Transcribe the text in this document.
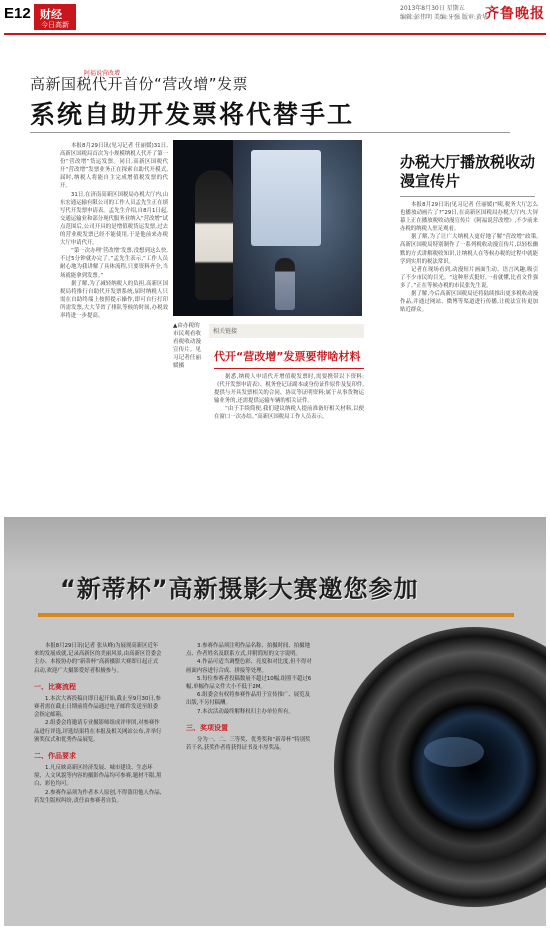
E12 财经
今日高新
2013年8月30日 星期五
编辑:彭伟明 美编:牙强 版审:黄华
齐鲁晚报
高新国税代开首份“营改增”发票
系统自助开发票将代替手工

本报8月29日讯(见习记者 任丽媛)31日,高新区国税局首次为小规模纳税人代开了第一份“营改增”货运发票。同日,高新区国税代开“营改增”发票业务正在探索自助代开模式,届时,纳税人将能自主完成增值税发票的代开。

31日,在济南高新区国税局办税大厅内,山东宏通运输有限公司的工作人员孟先生正在填写代开发票申请表。孟先生介绍,自8月1日起,交通运输业和部分现代服务业纳入“营改增”试点范围后,公司开具的是增值税货运发票,过去的营业税发票已经不能使用,于是他前来办税大厅申请代开。

“第一次办理‘营改增’发票,没想到这么快,不过5分钟就办完了。”孟先生表示,“工作人员耐心地为我讲解了具体流程,只要资料齐全,当场就能拿到发票。”

据了解,为了减轻纳税人的负担,高新区国税局将推行自助代开发票系统,届时纳税人只需在自助终端上按照提示操作,即可自行打印所需发票,大大节省了排队等候的时间,办税效率将进一步提高。

阿福说营改增
▲由办税的市民观看收看税收动漫宣传片。见习记者任丽媛摄
相关链接
代开“营改增”发票要带啥材料

据悉,纳税人申请代开增值税发票时,需要携带以下资料:《代开发票申请表》、税务登记证副本或身份证件原件及复印件,提供与开具发票相关的合同、协议等证明资料;属于从事货物运输业务的,还需提供运输车辆的相关证件。

“由于手续简便,我们建议纳税人提前准备好相关材料,以便在窗口一次办结。”高新区国税局工作人员表示。

办税大厅播放税收动漫宣传片

本报8月29日讯(见习记者 任丽媛)“咦,税务大厅怎么也播放动画片了?”29日,在高新区国税局办税大厅内,大屏幕上正在播放税收动漫宣传片《阿福说营改增》,不少前来办税的纳税人驻足观看。

据了解,为了让广大纳税人更好地了解“营改增”政策,高新区国税局特别制作了一系列税收动漫宣传片,以轻松幽默的方式讲解税收知识,让纳税人在等候办税的过程中就能学到实用的税法常识。

记者在现场看到,动漫短片画面生动、语言风趣,吸引了不少市民的目光。“这种形式挺好,一看就懂,比看文件强多了。”正在等候办税的市民张先生说。

据了解,今后高新区国税局还将陆续推出更多税收动漫作品,并通过网站、微博等渠道进行传播,让税法宣传更加贴近群众。

“新蒂杯”高新摄影大赛邀您参加

本报8月29日讯(记者 张从峰)为展现高新区近年来的发展成就,记录高新区的美丽风景,由高新区管委会主办、本报协办的“新蒂杯”高新摄影大赛即日起正式启动,欢迎广大摄影爱好者积极参与。

一、比赛流程

1.本次大赛投稿自即日起开始,截止至9月30日,参赛者需在截止日期前将作品通过电子邮件发送至组委会指定邮箱。

2.组委会将邀请专业摄影师组成评审团,对参赛作品进行评选,评选结果将在本报及相关网站公布,并举行颁奖仪式和优秀作品展览。

二、作品要求

1.凡反映高新区经济发展、城市建设、生态环境、人文风貌等内容的摄影作品均可参赛,题材不限,黑白、彩色均可。

2.参赛作品须为作者本人原创,不得盗用他人作品,若发生版权纠纷,责任由参赛者自负。

3.参赛作品须注明作品名称、拍摄时间、拍摄地点、作者姓名及联系方式,并附简短的文字说明。

4.作品可适当调整色彩、亮度和对比度,但不得对画面内容进行合成、拼接等处理。

5.每位参赛者投稿数量不超过10幅,组照不超过6幅,单幅作品文件大小不低于2M。

6.组委会有权将参赛作品用于宣传推广、展览及出版,不另付稿酬。

7.本次活动最终解释权归主办单位所有。

三、奖项设置

分为一、二、三等奖、优秀奖和“新蒂杯”特别奖若干名,获奖作者将获得证书及丰厚奖品。
